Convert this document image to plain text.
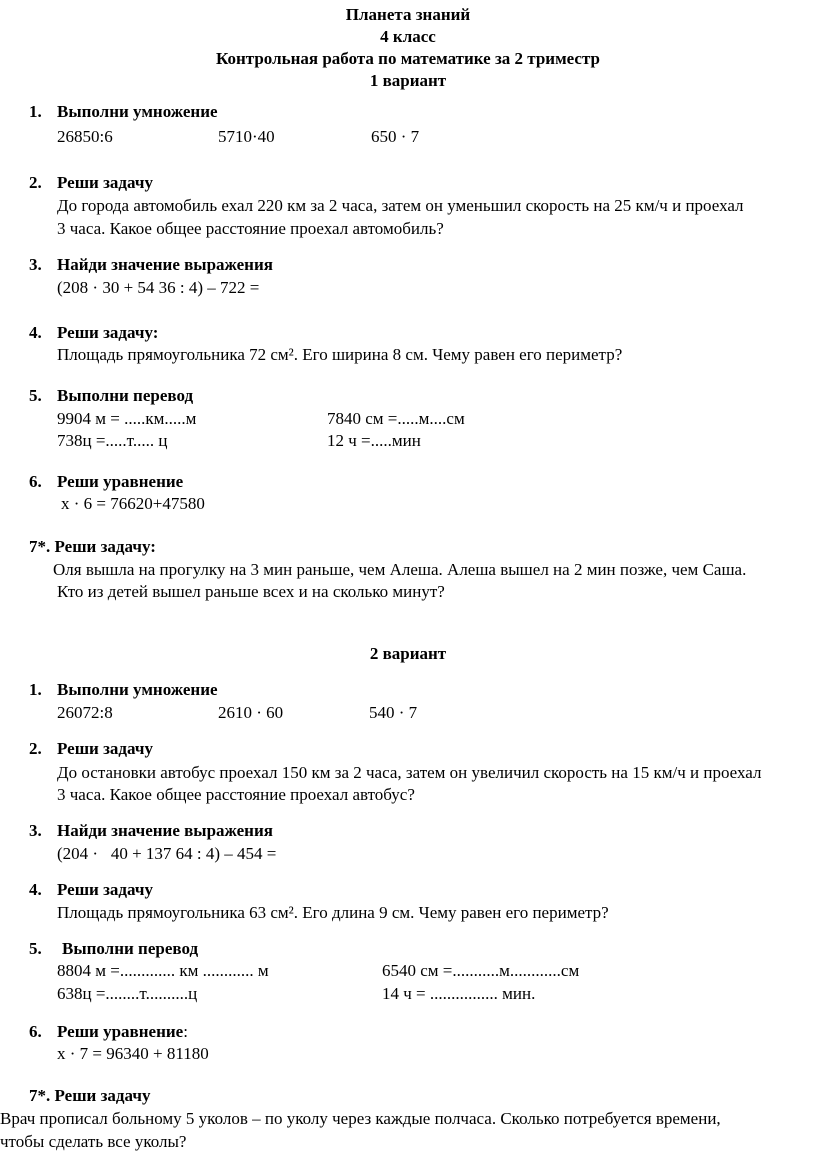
Планета знаний
4 класс
Контрольная работа по математике за 2 триместр
1 вариант
1. Выполни умножение
26850:6	5710·40	650 · 7
2. Реши задачу
До города автомобиль ехал 220 км за 2 часа, затем он уменьшил скорость на 25 км/ч и проехал
3 часа. Какое общее расстояние проехал автомобиль?
3. Найди значение выражения
(208 · 30 + 54 36 : 4) – 722 =
4. Реши задачу:
Площадь прямоугольника 72 см². Его ширина 8 см. Чему равен его периметр?
5. Выполни перевод
9904 м = .....км.....м	7840 см =.....м....см
738ц =.....т..... ц	12 ч =.....мин
6. Реши уравнение
х · 6 = 76620+47580
7*. Реши задачу:
Оля вышла на прогулку на 3 мин раньше, чем Алеша. Алеша вышел на 2 мин позже, чем Саша.
Кто из детей вышел раньше всех и на сколько минут?
2 вариант
1. Выполни умножение
26072:8	2610 · 60	540 · 7
2. Реши задачу
До остановки автобус проехал 150 км за 2 часа, затем он увеличил скорость на 15 км/ч и проехал
3 часа. Какое общее расстояние проехал автобус?
3. Найди значение выражения
(204 ·   40 + 137 64 : 4) – 454 =
4. Реши задачу
Площадь прямоугольника 63 см². Его длина 9 см. Чему равен его периметр?
5. Выполни перевод
8804 м =............. км ............ м	6540 см =...........м............см
638ц =........т..........ц	14 ч = ................ мин.
6. Реши уравнение:
х · 7 = 96340 + 81180
7*. Реши задачу
Врач прописал больному 5 уколов – по уколу через каждые полчаса. Сколько потребуется времени,
чтобы сделать все уколы?
